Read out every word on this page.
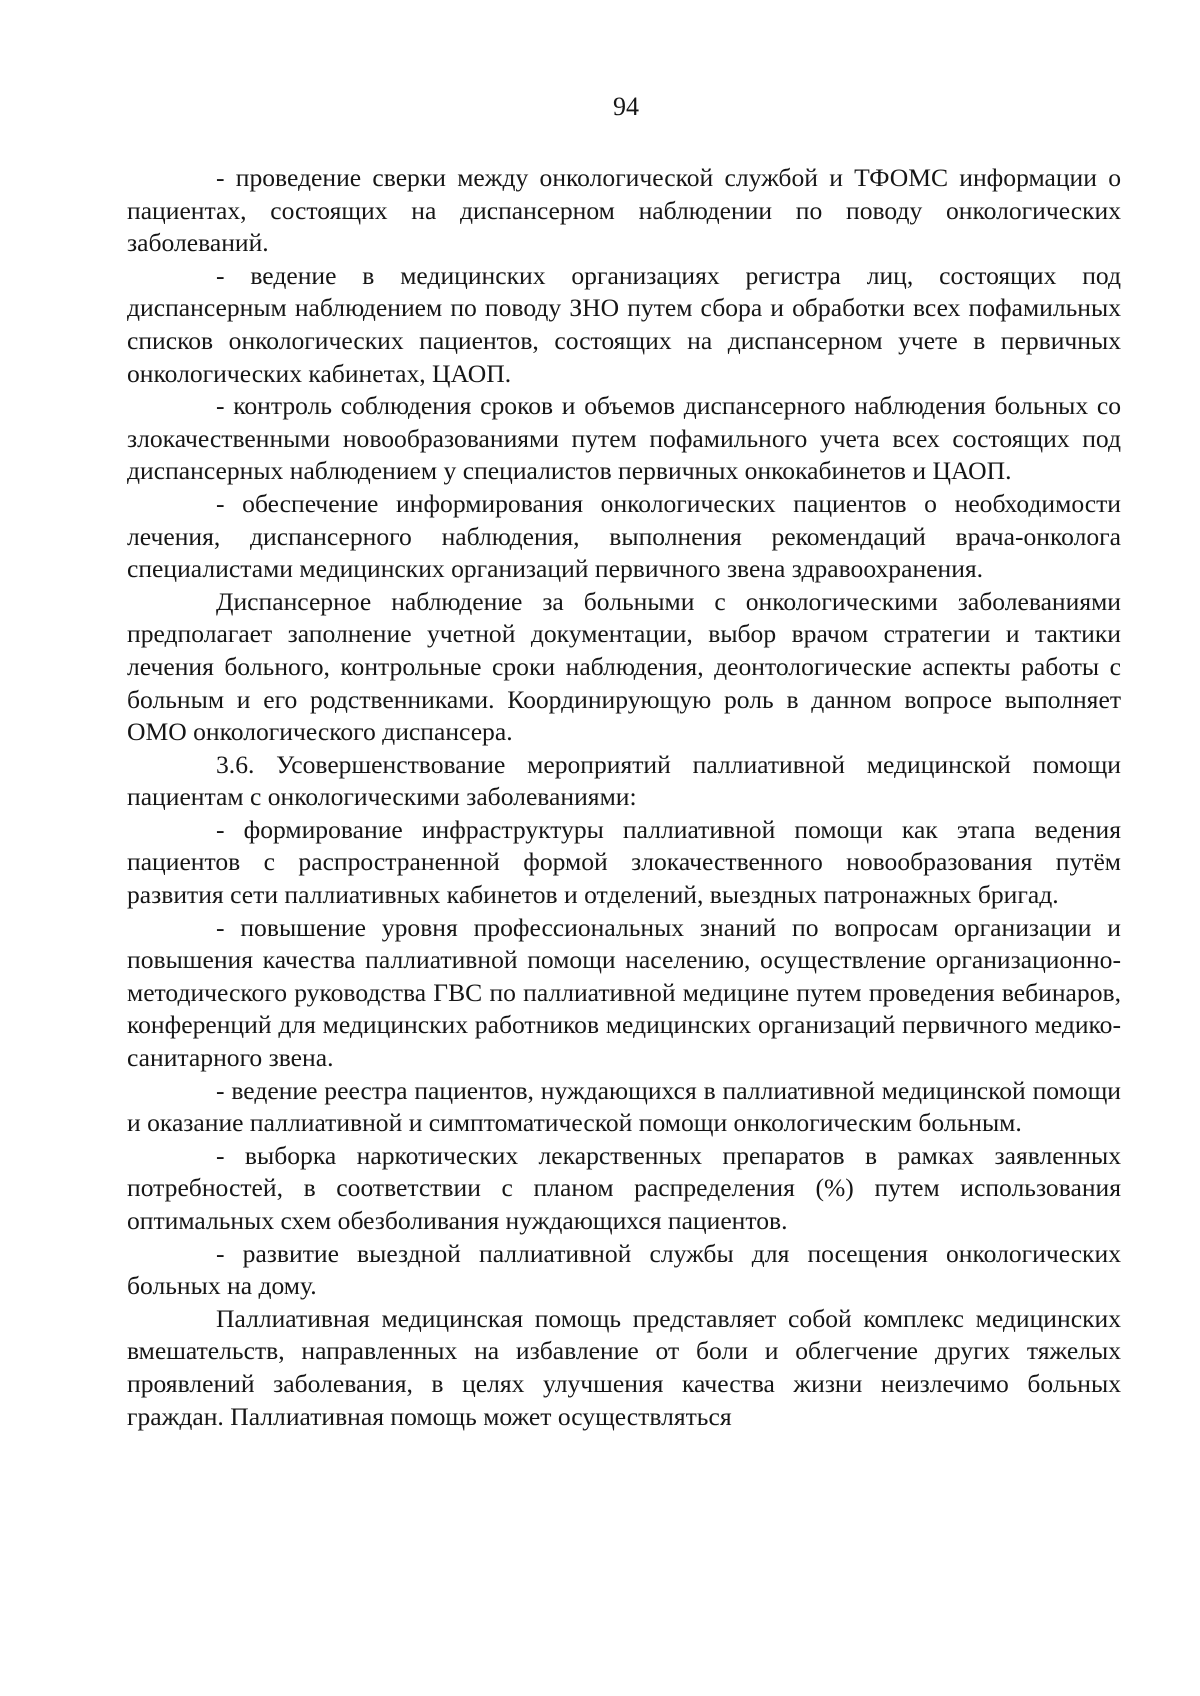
94

- проведение сверки между онкологической службой и ТФОМС информации о пациентах, состоящих на диспансерном наблюдении по поводу онкологических заболеваний.

- ведение в медицинских организациях регистра лиц, состоящих под диспансерным наблюдением по поводу ЗНО путем сбора и обработки всех пофамильных списков онкологических пациентов, состоящих на диспансерном учете в первичных онкологических кабинетах, ЦАОП.

- контроль соблюдения сроков и объемов диспансерного наблюдения больных со злокачественными новообразованиями путем пофамильного учета всех состоящих под диспансерных наблюдением у специалистов первичных онкокабинетов и ЦАОП.

- обеспечение информирования онкологических пациентов о необходимости лечения, диспансерного наблюдения, выполнения рекомендаций врача-онколога специалистами медицинских организаций первичного звена здравоохранения.

Диспансерное наблюдение за больными с онкологическими заболеваниями предполагает заполнение учетной документации, выбор врачом стратегии и тактики лечения больного, контрольные сроки наблюдения, деонтологические аспекты работы с больным и его родственниками. Координирующую роль в данном вопросе выполняет ОМО онкологического диспансера.

3.6. Усовершенствование мероприятий паллиативной медицинской помощи пациентам с онкологическими заболеваниями:

- формирование инфраструктуры паллиативной помощи как этапа ведения пациентов с распространенной формой злокачественного новообразования путём развития сети паллиативных кабинетов и отделений, выездных патронажных бригад.

- повышение уровня профессиональных знаний по вопросам организации и повышения качества паллиативной помощи населению, осуществление организационно-методического руководства ГВС по паллиативной медицине путем проведения вебинаров, конференций для медицинских работников медицинских организаций первичного медико-санитарного звена.

- ведение реестра пациентов, нуждающихся в паллиативной медицинской помощи и оказание паллиативной и симптоматической помощи онкологическим больным.

- выборка наркотических лекарственных препаратов в рамках заявленных потребностей, в соответствии с планом распределения (%) путем использования оптимальных схем обезболивания нуждающихся пациентов.

- развитие выездной паллиативной службы для посещения онкологических больных на дому.

Паллиативная медицинская помощь представляет собой комплекс медицинских вмешательств, направленных на избавление от боли и облегчение других тяжелых проявлений заболевания, в целях улучшения качества жизни неизлечимо больных граждан. Паллиативная помощь может осуществляться
